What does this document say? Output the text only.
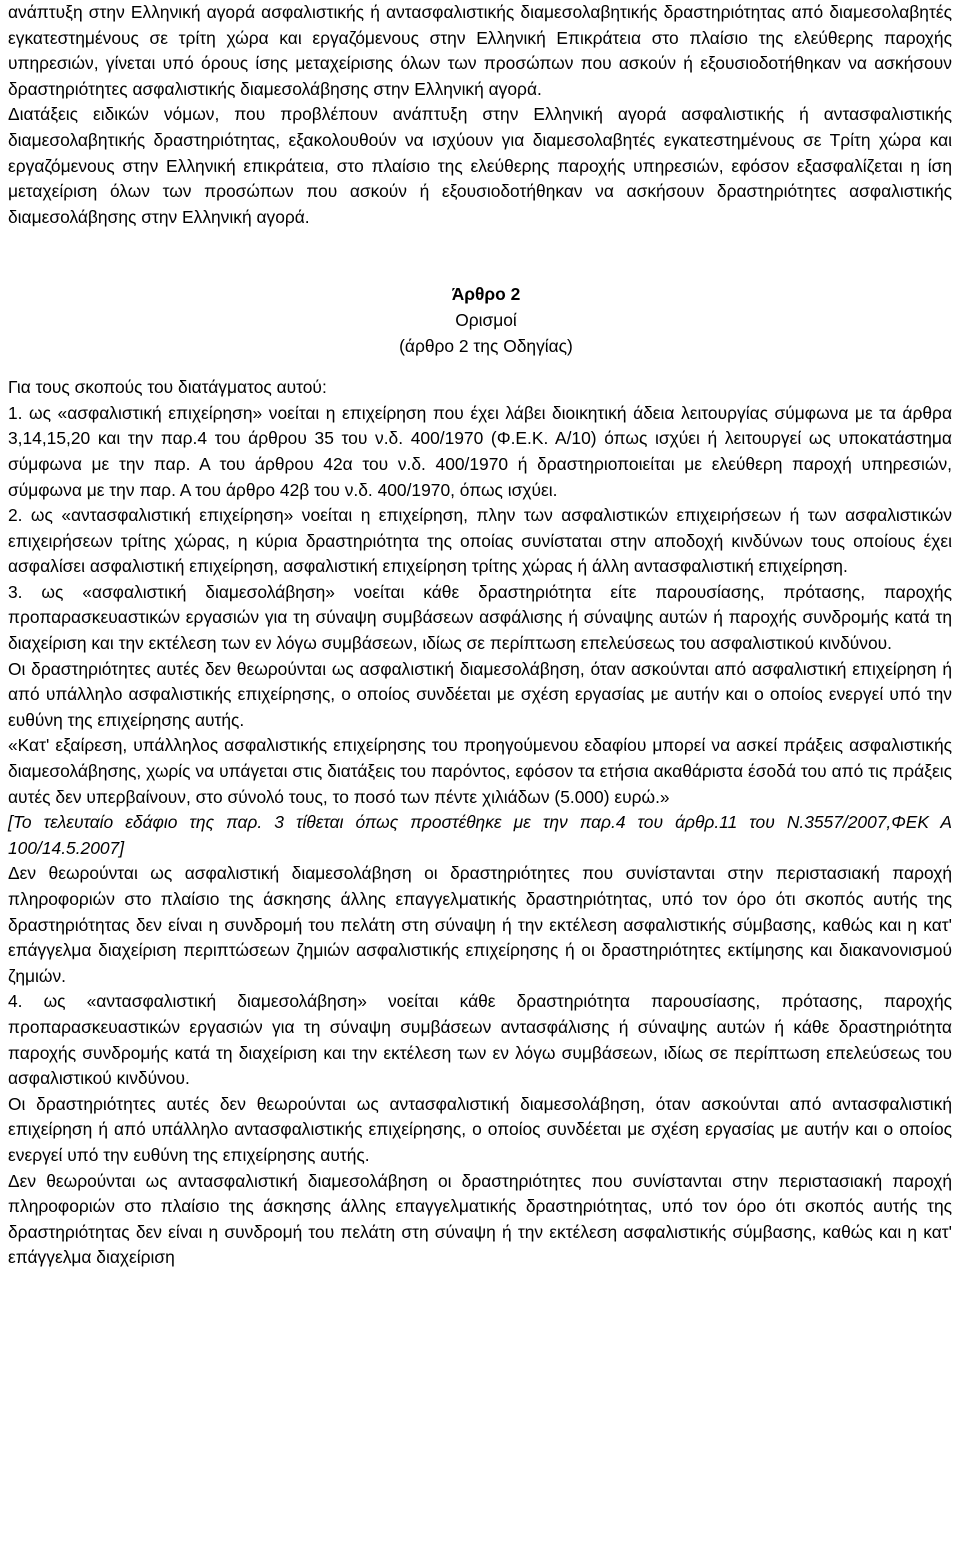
ανάπτυξη στην Ελληνική αγορά ασφαλιστικής ή αντασφαλιστικής διαμεσολαβητικής δραστηριότητας από διαμεσολαβητές εγκατεστημένους σε τρίτη χώρα και εργαζόμενους στην Ελληνική Επικράτεια στο πλαίσιο της ελεύθερης παροχής υπηρεσιών, γίνεται υπό όρους ίσης μεταχείρισης όλων των προσώπων που ασκούν ή εξουσιοδοτήθηκαν να ασκήσουν δραστηριότητες ασφαλιστικής διαμεσολάβησης στην Ελληνική αγορά.

Διατάξεις ειδικών νόμων, που προβλέπουν ανάπτυξη στην Ελληνική αγορά ασφαλιστικής ή αντασφαλιστικής διαμεσολαβητικής δραστηριότητας, εξακολουθούν να ισχύουν για διαμεσολαβητές εγκατεστημένους σε Τρίτη χώρα και εργαζόμενους στην Ελληνική επικράτεια, στο πλαίσιο της ελεύθερης παροχής υπηρεσιών, εφόσον εξασφαλίζεται η ίση μεταχείριση όλων των προσώπων που ασκούν ή εξουσιοδοτήθηκαν να ασκήσουν δραστηριότητες ασφαλιστικής διαμεσολάβησης στην Ελληνική αγορά.

Άρθρο 2
Ορισμοί
(άρθρο 2 της Οδηγίας)

Για τους σκοπούς του διατάγματος αυτού:

1. ως «ασφαλιστική επιχείρηση» νοείται η επιχείρηση που έχει λάβει διοικητική άδεια λειτουργίας σύμφωνα με τα άρθρα 3,14,15,20 και την παρ.4 του άρθρου 35 του ν.δ. 400/1970 (Φ.Ε.Κ. Α/10) όπως ισχύει ή λειτουργεί ως υποκατάστημα σύμφωνα με την παρ. Α του άρθρου 42α του ν.δ. 400/1970 ή δραστηριοποιείται με ελεύθερη παροχή υπηρεσιών, σύμφωνα με την παρ. Α του άρθρο 42β του ν.δ. 400/1970, όπως ισχύει.

2. ως «αντασφαλιστική επιχείρηση» νοείται η επιχείρηση, πλην των ασφαλιστικών επιχειρήσεων ή των ασφαλιστικών επιχειρήσεων τρίτης χώρας, η κύρια δραστηριότητα της οποίας συνίσταται στην αποδοχή κινδύνων τους οποίους έχει ασφαλίσει ασφαλιστική επιχείρηση, ασφαλιστική επιχείρηση τρίτης χώρας ή άλλη αντασφαλιστική επιχείρηση.

3. ως «ασφαλιστική διαμεσολάβηση» νοείται κάθε δραστηριότητα είτε παρουσίασης, πρότασης, παροχής προπαρασκευαστικών εργασιών για τη σύναψη συμβάσεων ασφάλισης ή σύναψης αυτών ή παροχής συνδρομής κατά τη διαχείριση και την εκτέλεση των εν λόγω συμβάσεων, ιδίως σε περίπτωση επελεύσεως του ασφαλιστικού κινδύνου.

Οι δραστηριότητες αυτές δεν θεωρούνται ως ασφαλιστική διαμεσολάβηση, όταν ασκούνται από ασφαλιστική επιχείρηση ή από υπάλληλο ασφαλιστικής επιχείρησης, ο οποίος συνδέεται με σχέση εργασίας με αυτήν και ο οποίος ενεργεί υπό την ευθύνη της επιχείρησης αυτής.

«Κατ' εξαίρεση, υπάλληλος ασφαλιστικής επιχείρησης του προηγούμενου εδαφίου μπορεί να ασκεί πράξεις ασφαλιστικής διαμεσολάβησης, χωρίς να υπάγεται στις διατάξεις του παρόντος, εφόσον τα ετήσια ακαθάριστα έσοδά του από τις πράξεις αυτές δεν υπερβαίνουν, στο σύνολό τους, το ποσό των πέντε χιλιάδων (5.000) ευρώ.»

[Το τελευταίο εδάφιο της παρ. 3 τίθεται όπως προστέθηκε με την παρ.4 του άρθρ.11 του Ν.3557/2007,ΦΕΚ Α 100/14.5.2007]

Δεν θεωρούνται ως ασφαλιστική διαμεσολάβηση οι δραστηριότητες που συνίστανται στην περιστασιακή παροχή πληροφοριών στο πλαίσιο της άσκησης άλλης επαγγελματικής δραστηριότητας, υπό τον όρο ότι σκοπός αυτής της δραστηριότητας δεν είναι η συνδρομή του πελάτη στη σύναψη ή την εκτέλεση ασφαλιστικής σύμβασης, καθώς και η κατ' επάγγελμα διαχείριση περιπτώσεων ζημιών ασφαλιστικής επιχείρησης ή οι δραστηριότητες εκτίμησης και διακανονισμού ζημιών.

4. ως «αντασφαλιστική διαμεσολάβηση» νοείται κάθε δραστηριότητα παρουσίασης, πρότασης, παροχής προπαρασκευαστικών εργασιών για τη σύναψη συμβάσεων αντασφάλισης ή σύναψης αυτών ή κάθε δραστηριότητα παροχής συνδρομής κατά τη διαχείριση και την εκτέλεση των εν λόγω συμβάσεων, ιδίως σε περίπτωση επελεύσεως του ασφαλιστικού κινδύνου.

Οι δραστηριότητες αυτές δεν θεωρούνται ως αντασφαλιστική διαμεσολάβηση, όταν ασκούνται από αντασφαλιστική επιχείρηση ή από υπάλληλο αντασφαλιστικής επιχείρησης, ο οποίος συνδέεται με σχέση εργασίας με αυτήν και ο οποίος ενεργεί υπό την ευθύνη της επιχείρησης αυτής.

Δεν θεωρούνται ως αντασφαλιστική διαμεσολάβηση οι δραστηριότητες που συνίστανται στην περιστασιακή παροχή πληροφοριών στο πλαίσιο της άσκησης άλλης επαγγελματικής δραστηριότητας, υπό τον όρο ότι σκοπός αυτής της δραστηριότητας δεν είναι η συνδρομή του πελάτη στη σύναψη ή την εκτέλεση ασφαλιστικής σύμβασης, καθώς και η κατ' επάγγελμα διαχείριση
